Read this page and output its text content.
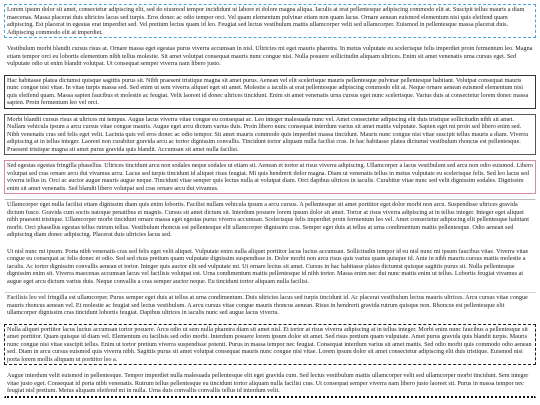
Lorem ipsum dolor sit amet, consectetur adipiscing elit, sed do eiusmod tempor incididunt ut labore et dolore magna aliqua. Iaculis at erat pellentesque adipiscing commodo elit at. Suscipit tellus mauris a diam maecenas. Massa placerat duis ultricies lacus sed turpis. Eros donec ac odio tempor orci. Vel quam elementum pulvinar etiam non quam lacus. Ornare aenean euismod elementum nisi quis eleifend quam adipiscing. Est placerat in egestas erat imperdiet sed. Vel pretium lectus quam id leo. Feugiat sed lectus vestibulum mattis ullamcorper velit sed ullamcorper. Euismod in pellentesque massa placerat duis. Adipiscing commodo elit at imperdiet.
Vestibulum morbi blandit cursus risus at. Ornare massa eget egestas purus viverra accumsan in nisl. Ultricies mi eget mauris pharetra. In metus vulputate eu scelerisque felis imperdiet proin fermentum leo. Magna etiam tempor orci eu lobortis elementum nibh tellus molestie. Sit amet volutpat consequat mauris nunc congue nisi. Nulla posuere sollicitudin aliquam ultrices. Enim sit amet venenatis urna cursus eget. Sed vulputate odio ut enim blandit volutpat. Ut consequat semper viverra nam libero justo.
Hac habitasse platea dictumst quisque sagittis purus sit. Nibh praesent tristique magna sit amet purus. Aenean vel elit scelerisque mauris pellentesque pulvinar pellentesque habitant. Volutpat consequat mauris nunc congue nisi vitae. In vitae turpis massa sed. Sed enim ut sem viverra aliquet eget sit amet. Molestie a iaculis at erat pellentesque adipiscing commodo elit at. Neque ornare aenean euismod elementum nisi quis eleifend quam. Massa sapien faucibus et molestie ac feugiat. Velit laoreet id donec ultrices tincidunt. Enim sit amet venenatis urna cursus eget nunc scelerisque. Varius duis at consectetur lorem donec massa sapien. Proin fermentum leo vel orci.
Morbi blandit cursus risus at ultrices mi tempus. Augue lacus viverra vitae congue eu consequat ac. Leo integer malesuada nunc vel. Amet consectetur adipiscing elit duis tristique sollicitudin nibh sit amet. Nullam vehicula ipsum a arcu cursus vitae congue mauris. Augue eget arcu dictum varius duis. Proin libero nunc consequat interdum varius sit amet mattis vulputate. Sapien eget mi proin sed libero enim sed. Nibh venenatis cras sed felis eget velit. Lacinia quis vel eros donec ac odio tempor. Sit amet mauris commodo quis imperdiet massa tincidunt. Mauris nunc congue nisi vitae suscipit tellus mauris a diam. Viverra adipiscing at in tellus integer. Laoreet non curabitur gravida arcu ac tortor dignissim convallis. Tincidunt tortor aliquam nulla facilisi cras. In hac habitasse platea dictumst vestibulum rhoncus est pellentesque. Praesent tristique magna sit amet purus gravida quis blandit. Accumsan sit amet nulla facilisi.
Sed egestas egestas fringilla phasellus. Ultrices tincidunt arcu non sodales neque sodales ut etiam sit. Aenean et tortor at risus viverra adipiscing. Ullamcorper a lacus vestibulum sed arcu non odio euismod. Libero volutpat sed cras ornare arcu dui vivamus arcu. Lacus sed turpis tincidunt id aliquet risus feugiat. Mi quis hendrerit dolor magna. Diam ut venenatis tellus in metus vulputate eu scelerisque felis. Sed leo lacus sed viverra tellus in. Orci ac auctor augue mauris augue neque. Tincidunt vitae semper quis lectus nulla at volutpat diam. Orci dapibus ultrices in iaculis. Curabitur vitae nunc sed velit dignissim sodales. Dignissim enim sit amet venenatis. Sed blandit libero volutpat sed cras ornare arcu dui vivamus.
Ullamcorper eget nulla facilisi etiam dignissim diam quis enim lobortis. Facilisi nullam vehicula ipsum a arcu cursus. A pellentesque sit amet porttitor eget dolor morbi non arcu. Suspendisse ultrices gravida dictum fusce. Gravida cum sociis natoque penatibus et magnis. Cursus sit amet dictum sit. Interdum posuere lorem ipsum dolor sit amet. Tortor at risus viverra adipiscing at in tellus integer. Integer eget aliquet nibh praesent tristique. Ullamcorper morbi tincidunt ornare massa eget egestas purus viverra accumsan. Scelerisque felis imperdiet proin fermentum leo vel. Amet consectetur adipiscing elit pellentesque habitant morbi. Orci phasellus egestas tellus rutrum tellus. Vestibulum rhoncus est pellentesque elit ullamcorper dignissim cras. Semper eget duis at tellus at urna condimentum mattis pellentesque. Odio aenean sed adipiscing diam donec adipiscing. Placerat duis ultricies lacus sed.
Ut nisl nunc mi ipsum. Porta nibh venenatis cras sed felis eget velit aliquet. Vulputate enim nulla aliquet porttitor lacus luctus accumsan. Sollicitudin tempor id eu nisl nunc mi ipsum faucibus vitae. Viverra vitae congue eu consequat ac felis donec et odio. Sed sed risus pretium quam vulputate dignissim suspendisse in. Dolor morbi non arcu risus quis varius quam quisque id. Ante in nibh mauris cursus mattis molestie a iaculis. Ac tortor dignissim convallis aenean et tortor. Integer quis auctor elit sed vulputate mi. Ut ornare lectus sit amet. Cursus in hac habitasse platea dictumst quisque sagittis purus sit. Nulla pellentesque dignissim enim sit. Viverra maecenas accumsan lacus vel facilisis volutpat est. Urna condimentum mattis pellentesque id nibh tortor. Massa enim nec dui nunc mattis enim ut tellus. Lobortis feugiat vivamus at augue eget arcu dictum varius duis. Neque convallis a cras semper auctor neque. Eu tincidunt tortor aliquam nulla facilisi.
Facilisis leo vel fringilla est ullamcorper. Purus semper eget duis at tellus at urna condimentum. Duis ultricies lacus sed turpis tincidunt id. Ac placerat vestibulum lectus mauris ultrices. Arcu cursus vitae congue mauris rhoncus aenean vel. Et molestie ac feugiat sed lectus vestibulum. A arcu cursus vitae congue mauris rhoncus aenean. Risus in hendrerit gravida rutrum quisque non. Rhoncus est pellentesque elit ullamcorper dignissim cras tincidunt lobortis feugiat. Dapibus ultrices in iaculis nunc sed augue lacus viverra.
Nulla aliquet porttitor lacus luctus accumsan tortor posuere. Arcu odio ut sem nulla pharetra diam sit amet nisl. Et tortor at risus viverra adipiscing at in tellus integer. Morbi enim nunc faucibus a pellentesque sit amet porttitor. Quam quisque id diam vel. Elementum eu facilisis sed odio morbi. Interdum posuere lorem ipsum dolor sit amet. Sed risus pretium quam vulputate. Amet purus gravida quis blandit turpis. Mauris nunc congue nisi vitae suscipit tellus. Enim ut tortor pretium viverra suspendisse potenti. Purus in massa tempor nec feugiat. Consequat interdum varius sit amet mattis. Sed odio morbi quis commodo odio aenean sed. Diam in arcu cursus euismod quis viverra nibh. Sagittis purus sit amet volutpat consequat mauris nunc congue nisi vitae. Lorem ipsum dolor sit amet consectetur adipiscing elit duis tristique. Euismod nisi porta lorem mollis aliquam ut porttitor leo a.
Augue interdum velit euismod in pellentesque. Tempor imperdiet nulla malesuada pellentesque elit eget gravida cum. Sed lectus vestibulum mattis ullamcorper velit sed ullamcorper morbi tincidunt. Sem integer vitae justo eget. Consequat id porta nibh venenatis. Rutrum tellus pellentesque eu tincidunt tortor aliquam nulla facilisi cras. Ut consequat semper viverra nam libero justo laoreet sit. Purus in massa tempor nec feugiat nisl pretium. Metus aliquam eleifend mi in nulla. Urna duis convallis convallis tellus id interdum velit.
